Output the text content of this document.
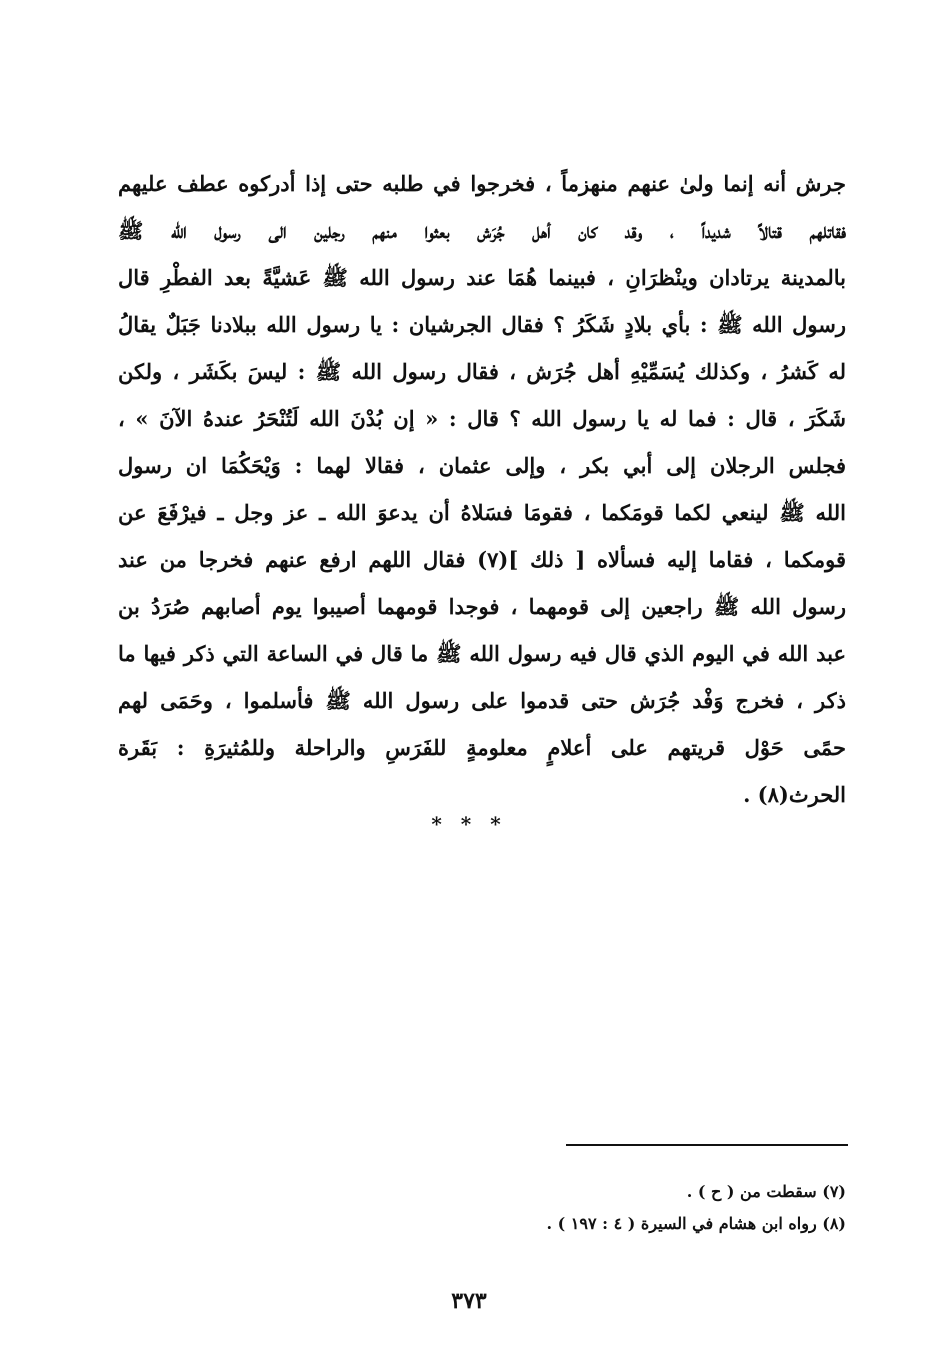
جرش أنه إنما ولىٰ عنهم منهزماً ، فخرجوا في طلبه حتى إذا أدركوه عطف عليهم
فقاتلهم قتالاً شديداً ، وقد كان أهل جُرَش بعثوا منهم رجلين الى رسول الله ﷺ
بالمدينة يرتادان وينْظرَانِ ، فبينما هُمَا عند رسول الله ﷺ عَشيَّةً بعد الفطْرِ قال
رسول الله ﷺ : بأي بلادٍ شَكَرُ ؟ فقال الجرشيان : يا رسول الله ببلادنا جَبَلٌ يقالُ
له كَشرُ ، وكذلك يُسَمِّيْهِ أهل جُرَش ، فقال رسول الله ﷺ : ليسَ بكَشَر ، ولكن
شَكَرَ ، قال : فما له يا رسول الله ؟ قال : « إن بُدْنَ الله لَتُنْحَرُ عندهُ الآنَ » ،
فجلس الرجلان إلى أبي بكر ، وإلى عثمان ، فقالا لهما : وَيْحَكُمَا ان رسول
الله ﷺ لينعي لكما قومَكما ، فقومَا فسَلاهُ أن يدعوَ الله ـ عز وجل ـ فيرْفَعَ عن
قومكما ، فقاما إليه فسألاه [ ذلك ](٧) فقال اللهم ارفع عنهم فخرجا من عند
رسول الله ﷺ راجعين إلى قومهما ، فوجدا قومهما أصيبوا يوم أصابهم صُرَدُ بن
عبد الله في اليوم الذي قال فيه رسول الله ﷺ ما قال في الساعة التي ذكر فيها ما
ذكر ، فخرج وَفْد جُرَش حتى قدموا على رسول الله ﷺ فأسلموا ، وحَمَى لهم
حمًى حَوْل قريتهم على أعلامٍ معلومةٍ للفَرَسِ والراحلة وللمُثيرَةِ : بَقَرة
الحرث(٨) .
* * *
(٧) سقطت من ( ح ) .
(٨) رواه ابن هشام في السيرة ( ٤ : ١٩٧ ) .
٣٧٣
